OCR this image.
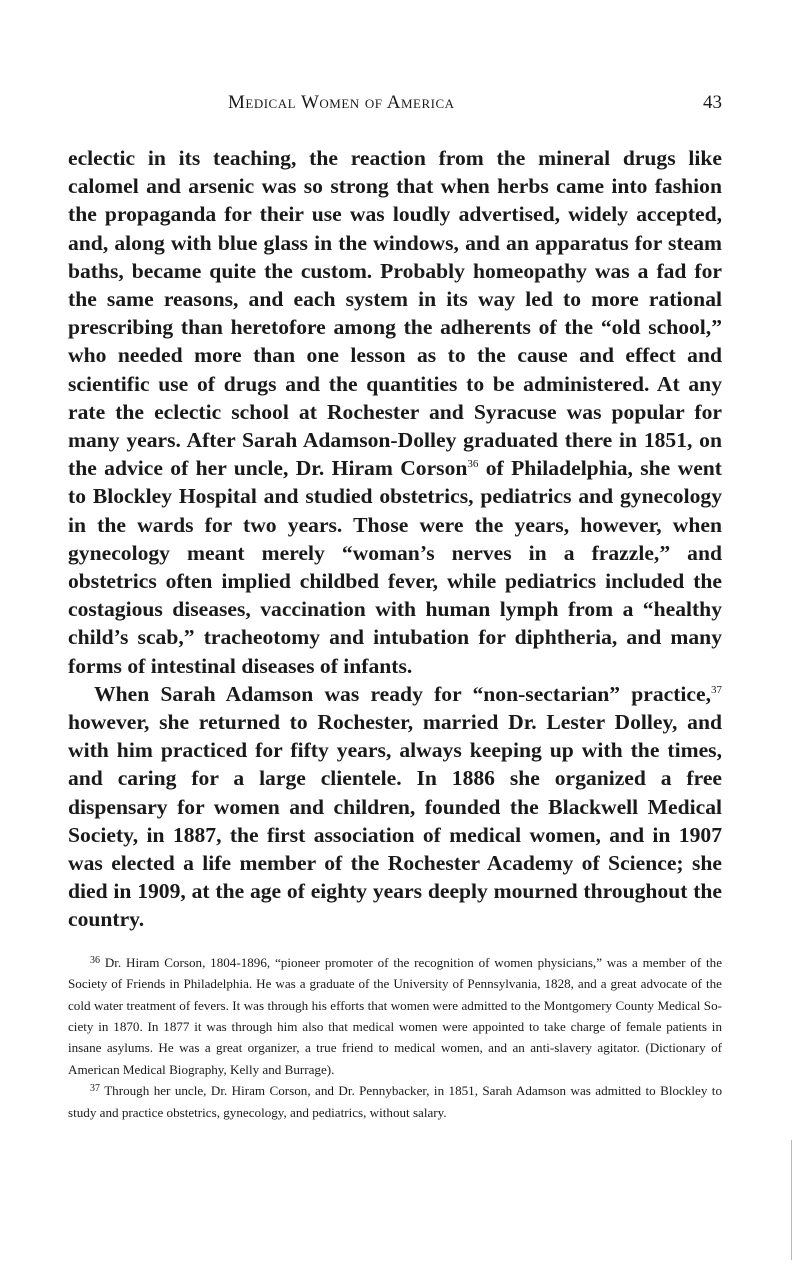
Medical Women of America	43

eclectic in its teaching, the reaction from the mineral drugs like calomel and arsenic was so strong that when herbs came into fashion the propaganda for their use was loudly advertised, widely accepted, and, along with blue glass in the windows, and an apparatus for steam baths, became quite the custom. Probably homeopathy was a fad for the same reasons, and each system in its way led to more rational prescribing than heretofore among the adherents of the “old school,” who needed more than one lesson as to the cause and effect and scientific use of drugs and the quantities to be administered. At any rate the eclectic school at Rochester and Syracuse was popular for many years. After Sarah Adamson-Dolley graduated there in 1851, on the advice of her uncle, Dr. Hiram Corson$^{36}$ of Philadelphia, she went to Blockley Hospital and studied obstetrics, pediatrics and gynecology in the wards for two years. Those were the years, however, when gynecology meant merely “woman’s nerves in a frazzle,” and obstetrics often implied childbed fever, while pediatrics included the costagious diseases, vaccination with human lymph from a “healthy child’s scab,” tracheotomy and intubation for diphtheria, and many forms of intestinal diseases of infants.

When Sarah Adamson was ready for “non-sectarian” practice,$^{37}$ however, she returned to Rochester, married Dr. Lester Dolley, and with him practiced for fifty years, always keeping up with the times, and caring for a large clientele. In 1886 she organized a free dispensary for women and children, founded the Blackwell Medical Society, in 1887, the first association of medical women, and in 1907 was elected a life member of the Rochester Academy of Science; she died in 1909, at the age of eighty years deeply mourned throughout the country.

$^{36}$ Dr. Hiram Corson, 1804-1896, “pioneer promoter of the recognition of women physicians,” was a member of the Society of Friends in Philadelphia. He was a graduate of the University of Pennsylvania, 1828, and a great advocate of the cold water treatment of fevers. It was through his efforts that women were admitted to the Montgomery County Medical Society in 1870. In 1877 it was through him also that medical women were appointed to take charge of female patients in insane asylums. He was a great organizer, a true friend to medical women, and an anti-slavery agitator. (Dictionary of American Medical Biography, Kelly and Burrage).

$^{37}$ Through her uncle, Dr. Hiram Corson, and Dr. Pennybacker, in 1851, Sarah Adamson was admitted to Blockley to study and practice obstetrics, gynecology, and pediatrics, without salary.
